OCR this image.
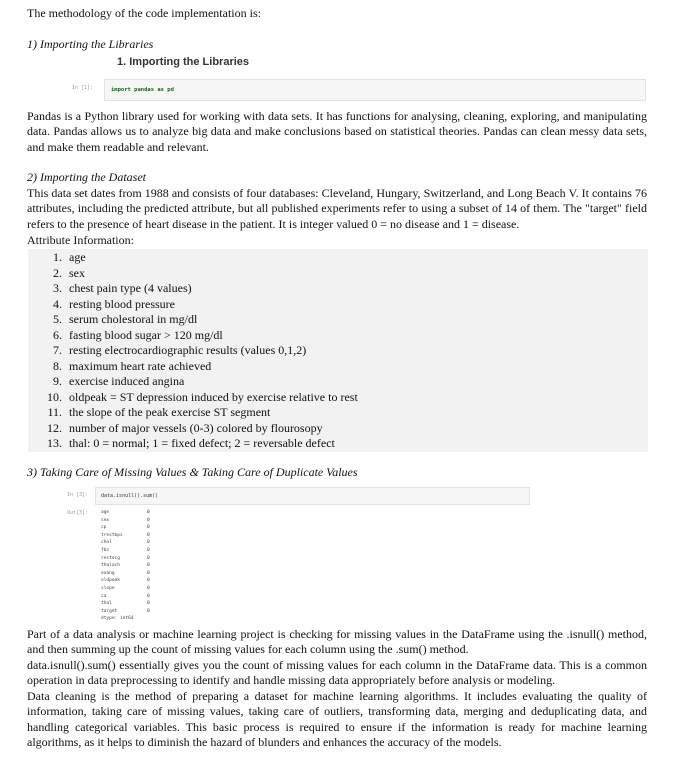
The methodology of the code implementation is:
1) Importing the Libraries
1. Importing the Libraries
In [1]:	import pandas as pd
Pandas is a Python library used for working with data sets. It has functions for analysing, cleaning, exploring, and manipulating data. Pandas allows us to analyze big data and make conclusions based on statistical theories. Pandas can clean messy data sets, and make them readable and relevant.
2) Importing the Dataset
This data set dates from 1988 and consists of four databases: Cleveland, Hungary, Switzerland, and Long Beach V. It contains 76 attributes, including the predicted attribute, but all published experiments refer to using a subset of 14 of them. The "target" field refers to the presence of heart disease in the patient. It is integer valued 0 = no disease and 1 = disease.
Attribute Information:
1. age
2. sex
3. chest pain type (4 values)
4. resting blood pressure
5. serum cholestoral in mg/dl
6. fasting blood sugar > 120 mg/dl
7. resting electrocardiographic results (values 0,1,2)
8. maximum heart rate achieved
9. exercise induced angina
10. oldpeak = ST depression induced by exercise relative to rest
11. the slope of the peak exercise ST segment
12. number of major vessels (0-3) colored by flourosopy
13. thal: 0 = normal; 1 = fixed defect; 2 = reversable defect
3) Taking Care of Missing Values & Taking Care of Duplicate Values
In [3]:	data.isnull().sum()
Out[3]:	age	0
sex	0
cp	0
trestbps	0
chol	0
fbs	0
restecg	0
thalach	0
exang	0
oldpeak	0
slope	0
ca	0
thal	0
target	0
dtype: int64
Part of a data analysis or machine learning project is checking for missing values in the DataFrame using the .isnull() method, and then summing up the count of missing values for each column using the .sum() method.
data.isnull().sum() essentially gives you the count of missing values for each column in the DataFrame data. This is a common operation in data preprocessing to identify and handle missing data appropriately before analysis or modeling.
Data cleaning is the method of preparing a dataset for machine learning algorithms. It includes evaluating the quality of information, taking care of missing values, taking care of outliers, transforming data, merging and deduplicating data, and handling categorical variables. This basic process is required to ensure if the information is ready for machine learning algorithms, as it helps to diminish the hazard of blunders and enhances the accuracy of the models.
